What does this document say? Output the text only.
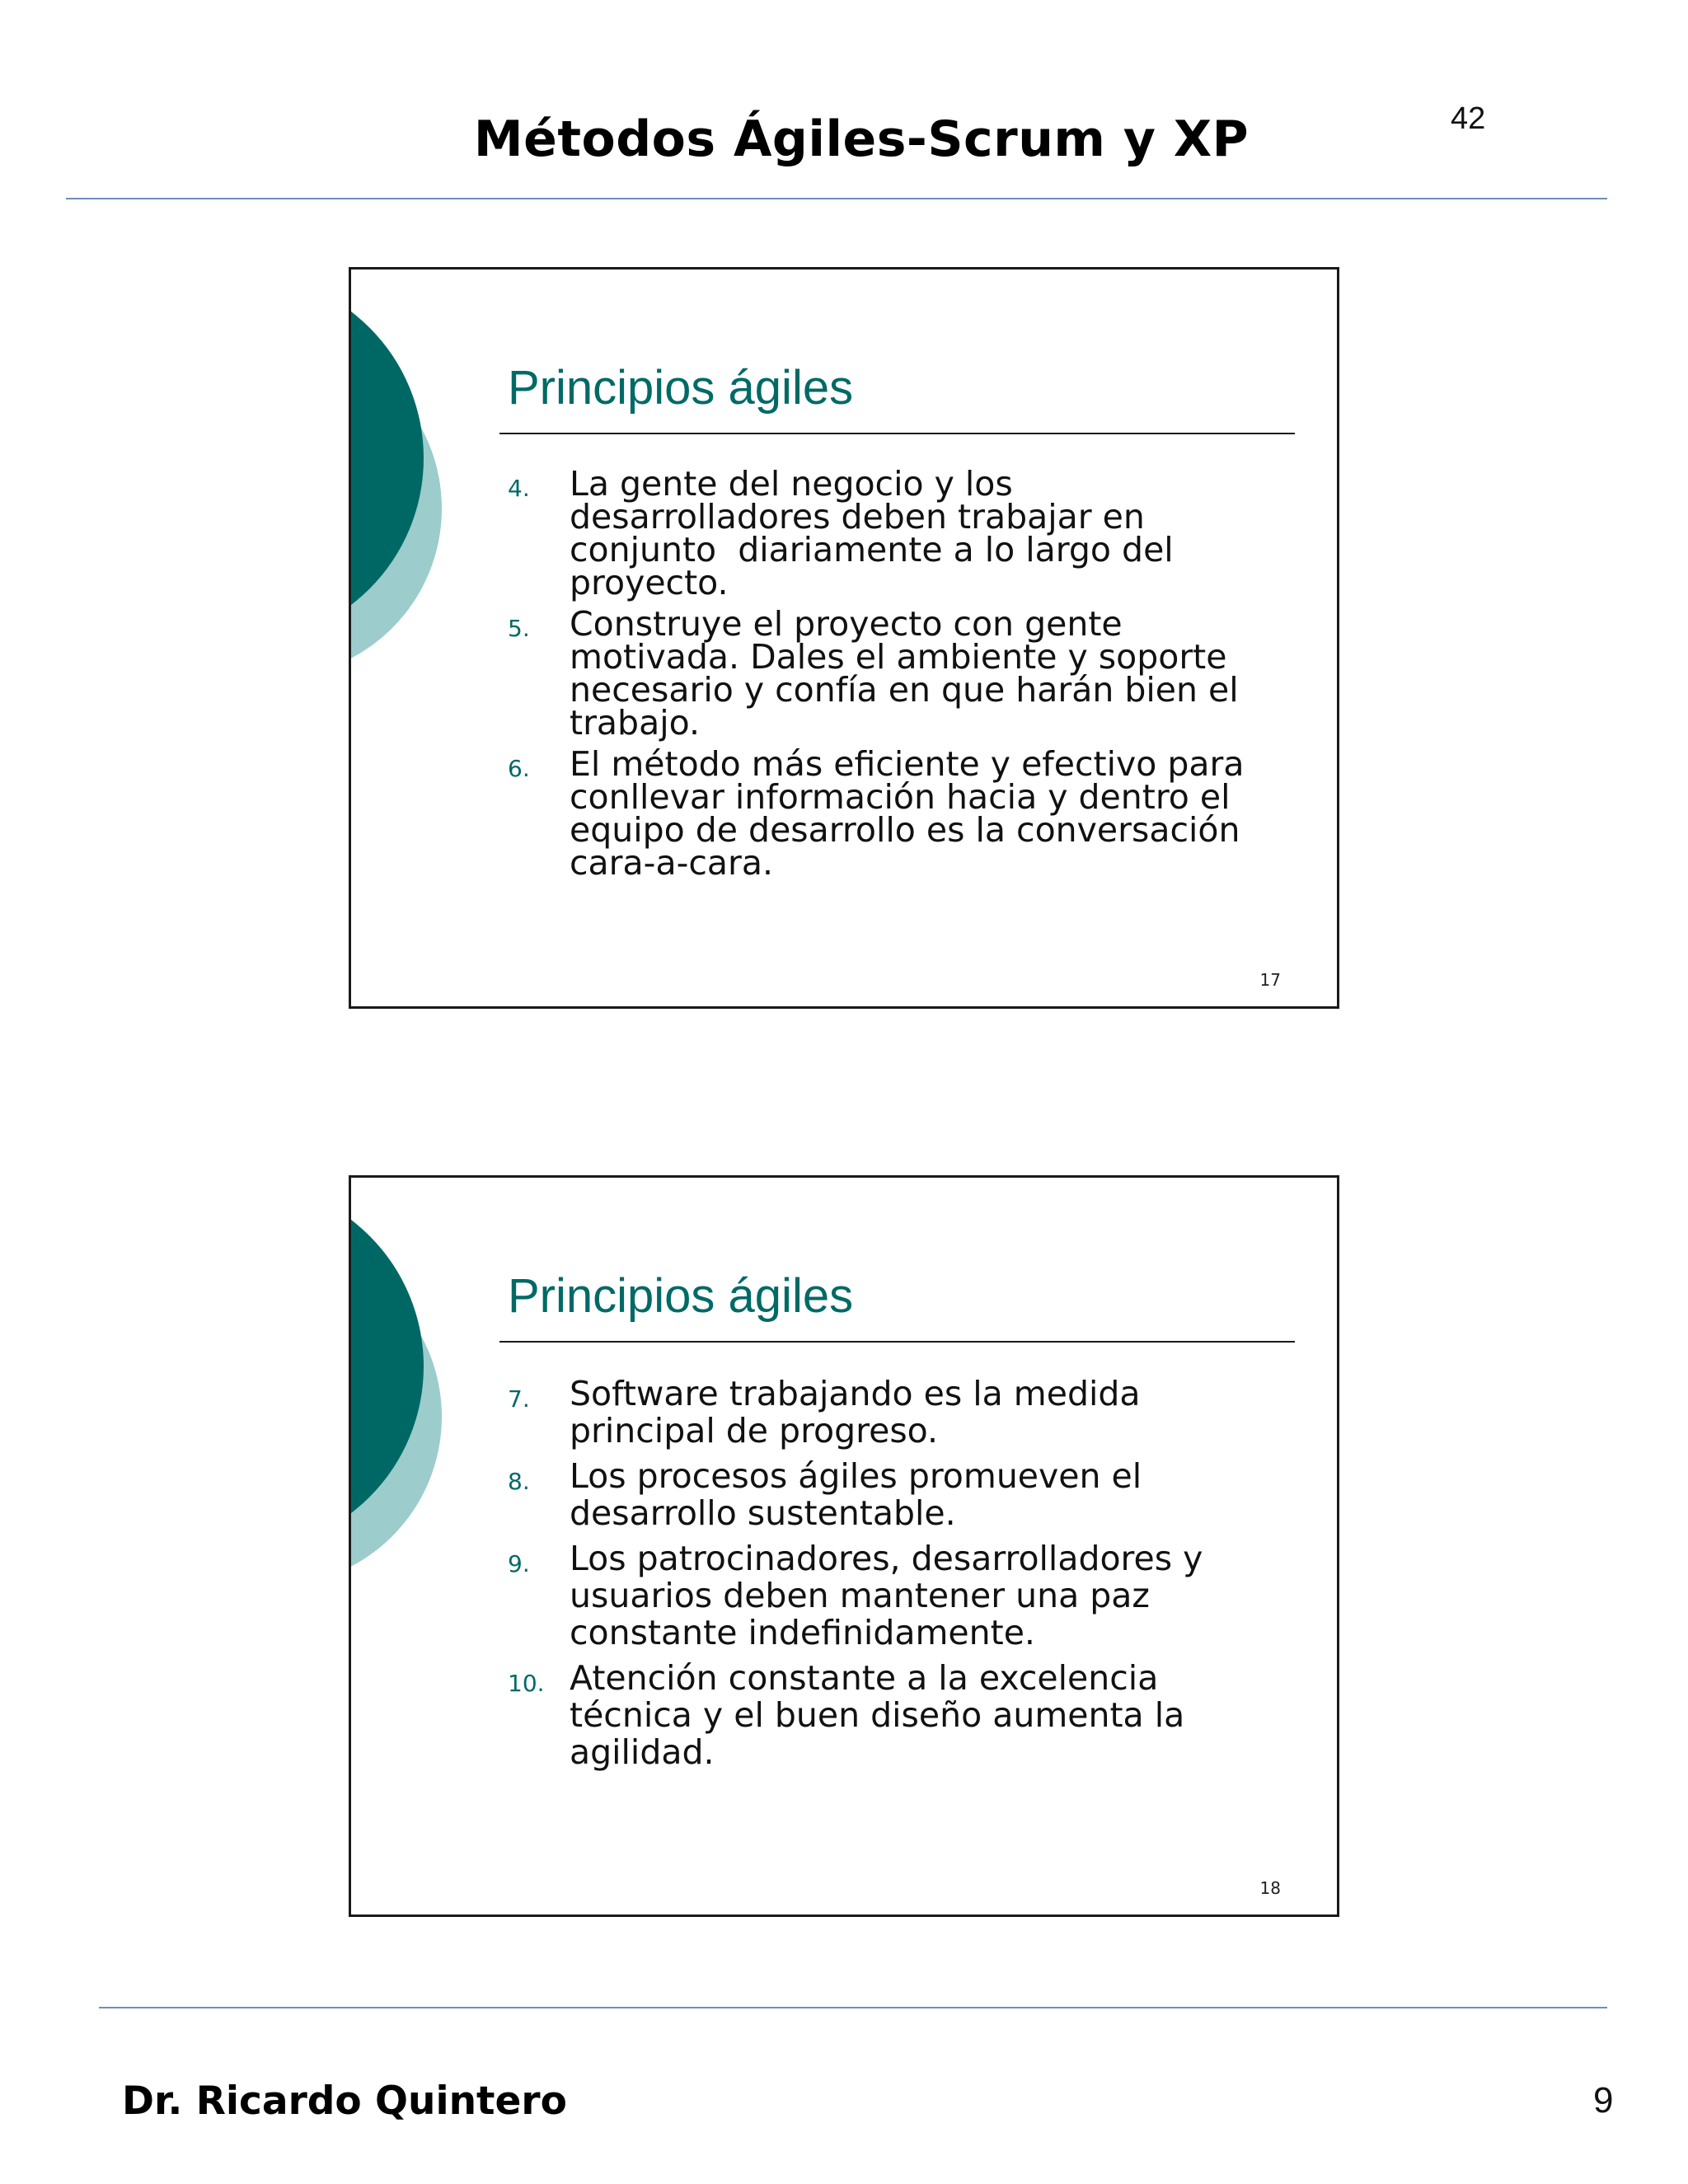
42
Métodos Ágiles-Scrum y XP
Principios ágiles
4. La gente del negocio y los
desarrolladores deben trabajar en
conjunto  diariamente a lo largo del
proyecto.
5. Construye el proyecto con gente
motivada. Dales el ambiente y soporte
necesario y confía en que harán bien el
trabajo.
6. El método más eficiente y efectivo para
conllevar información hacia y dentro el
equipo de desarrollo es la conversación
cara-a-cara.
17
Principios ágiles
7. Software trabajando es la medida
principal de progreso.
8. Los procesos ágiles promueven el
desarrollo sustentable.
9. Los patrocinadores, desarrolladores y
usuarios deben mantener una paz
constante indefinidamente.
10. Atención constante a la excelencia
técnica y el buen diseño aumenta la
agilidad.
18
Dr. Ricardo Quintero	9
